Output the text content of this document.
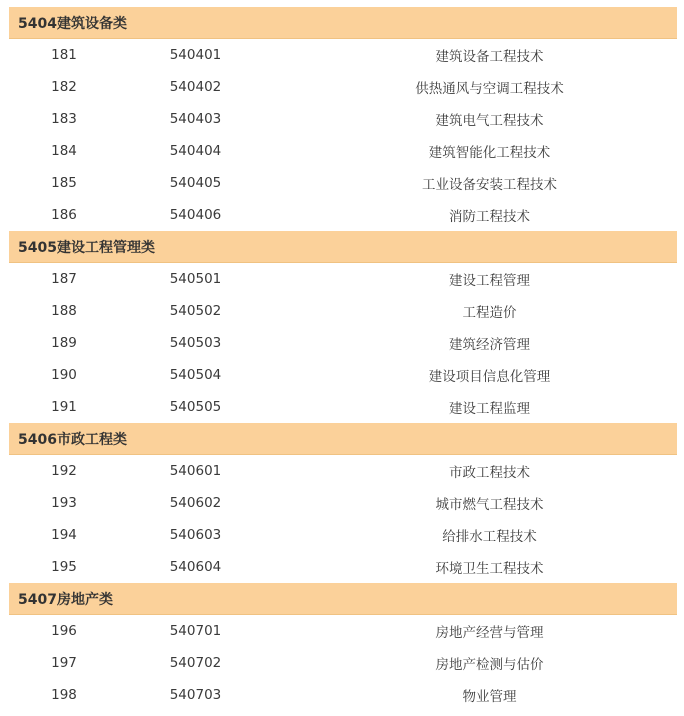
5404建筑设备类
181	540401	建筑设备工程技术
182	540402	供热通风与空调工程技术
183	540403	建筑电气工程技术
184	540404	建筑智能化工程技术
185	540405	工业设备安装工程技术
186	540406	消防工程技术
5405建设工程管理类
187	540501	建设工程管理
188	540502	工程造价
189	540503	建筑经济管理
190	540504	建设项目信息化管理
191	540505	建设工程监理
5406市政工程类
192	540601	市政工程技术
193	540602	城市燃气工程技术
194	540603	给排水工程技术
195	540604	环境卫生工程技术
5407房地产类
196	540701	房地产经营与管理
197	540702	房地产检测与估价
198	540703	物业管理
